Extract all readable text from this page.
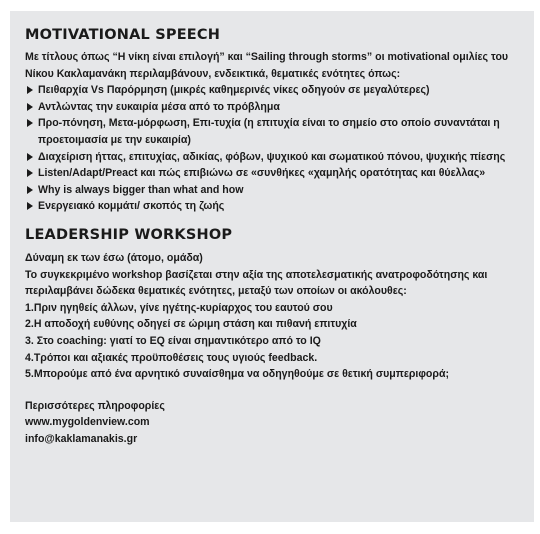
MOTIVATIONAL SPEECH

Με τίτλους όπως “Η νίκη είναι επιλογή” και “Sailing through storms” οι motivational ομιλίες του Νίκου Κακλαμανάκη περιλαμβάνουν, ενδεικτικά, θεματικές ενότητες όπως:

Πειθαρχία Vs Παρόρμηση (μικρές καθημερινές νίκες οδηγούν σε μεγαλύτερες)
Αντλώντας την ευκαιρία μέσα από το πρόβλημα
Προ-πόνηση, Μετα-μόρφωση, Επι-τυχία (η επιτυχία είναι το σημείο στο οποίο συναντάται η προετοιμασία με την ευκαιρία)
Διαχείριση ήττας, επιτυχίας, αδικίας, φόβων, ψυχικού και σωματικού πόνου, ψυχικής πίεσης
Listen/Adapt/Preact και πώς επιβιώνω σε «συνθήκες «χαμηλής ορατότητας και θύελλας»
Why is always bigger than what and how
Ενεργειακό κομμάτι/ σκοπός τη ζωής
LEADERSHIP WORKSHOP

Δύναμη εκ των έσω (άτομο, ομάδα)

Το συγκεκριμένο workshop βασίζεται στην αξία της αποτελεσματικής ανατροφοδότησης και περιλαμβάνει δώδεκα θεματικές ενότητες, μεταξύ των οποίων οι ακόλουθες:

1.Πριν ηγηθείς άλλων, γίνε ηγέτης-κυρίαρχος του εαυτού σου
2.Η αποδοχή ευθύνης οδηγεί σε ώριμη στάση και πιθανή επιτυχία
3. Στο coaching: γιατί το EQ είναι σημαντικότερο από το IQ
4.Τρόποι και αξιακές προϋποθέσεις τους υγιούς feedback.
5.Μπορούμε από ένα αρνητικό συναίσθημα να οδηγηθούμε σε θετική συμπεριφορά;
Περισσότερες πληροφορίες
www.mygoldenview.com
info@kaklamanakis.gr
